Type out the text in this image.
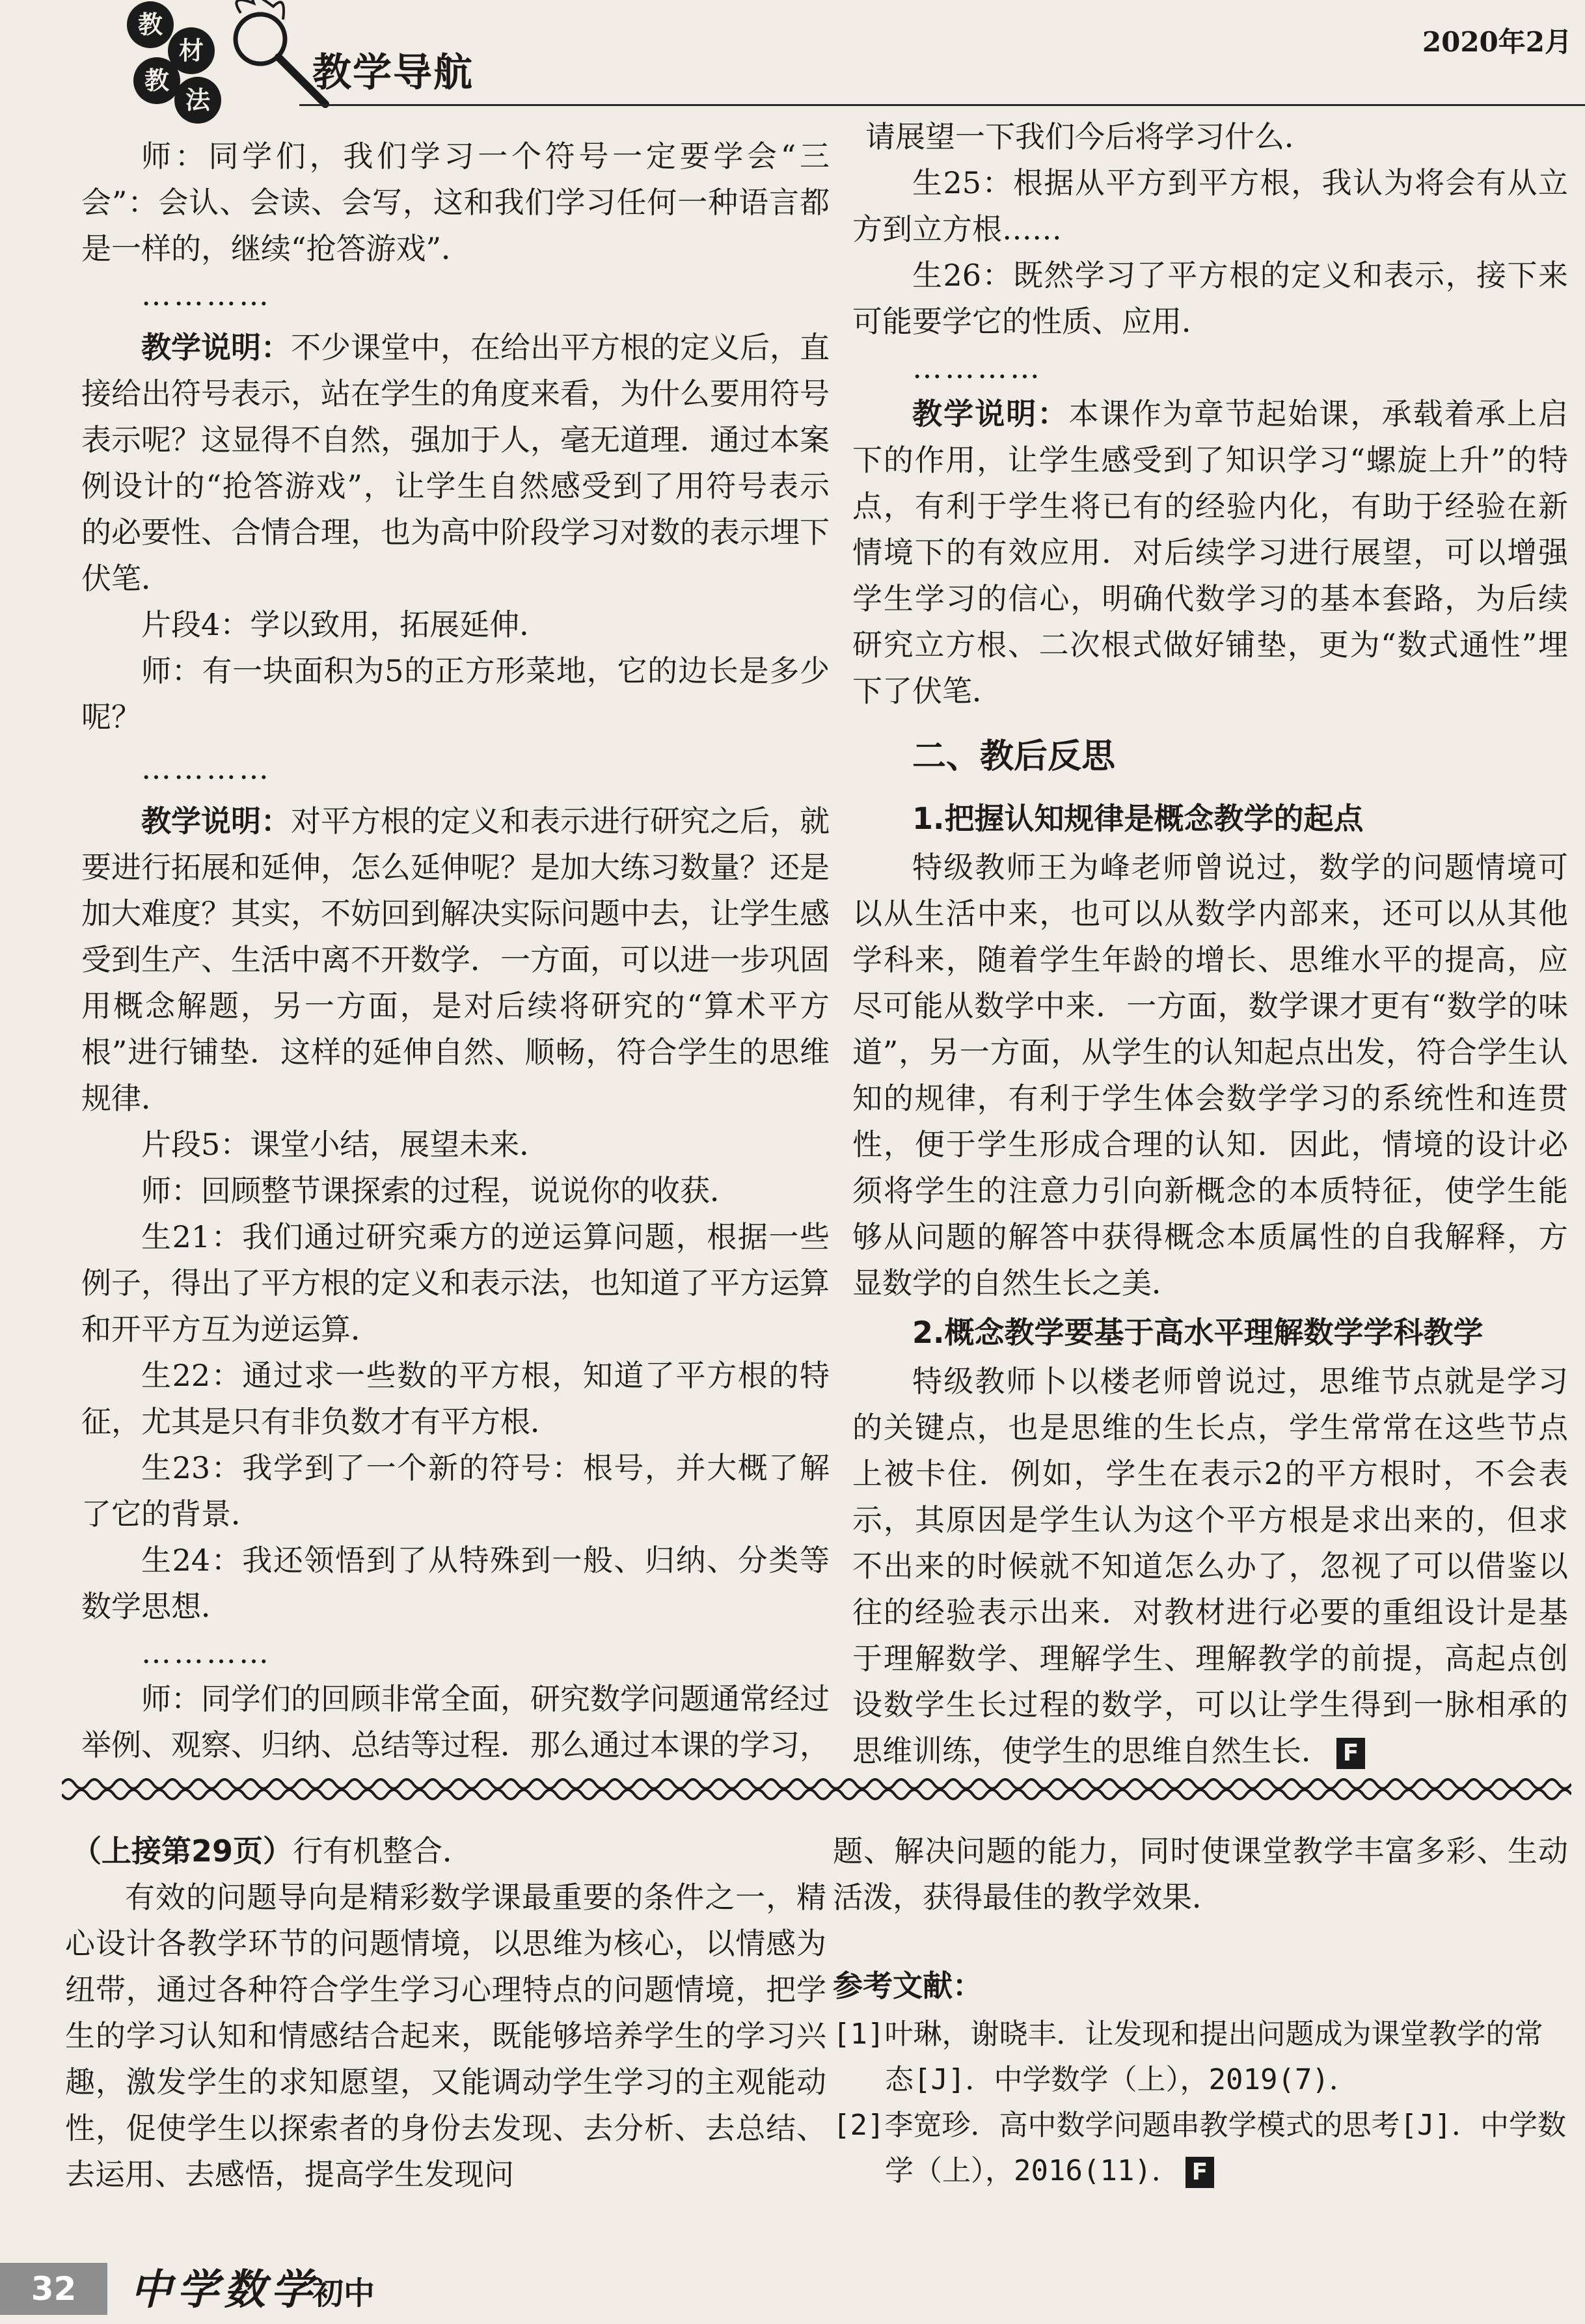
教
材
教
法
教学导航
2020年2月

师：同学们，我们学习一个符号一定要学会“三会”：会认、会读、会写，这和我们学习任何一种语言都是一样的，继续“抢答游戏”．

…………

教学说明：不少课堂中，在给出平方根的定义后，直接给出符号表示，站在学生的角度来看，为什么要用符号表示呢？这显得不自然，强加于人，毫无道理．通过本案例设计的“抢答游戏”，让学生自然感受到了用符号表示的必要性、合情合理，也为高中阶段学习对数的表示埋下伏笔．

片段4：学以致用，拓展延伸．

师：有一块面积为5的正方形菜地，它的边长是多少呢？

…………

教学说明：对平方根的定义和表示进行研究之后，就要进行拓展和延伸，怎么延伸呢？是加大练习数量？还是加大难度？其实，不妨回到解决实际问题中去，让学生感受到生产、生活中离不开数学．一方面，可以进一步巩固用概念解题，另一方面，是对后续将研究的“算术平方根”进行铺垫．这样的延伸自然、顺畅，符合学生的思维规律．

片段5：课堂小结，展望未来．

师：回顾整节课探索的过程，说说你的收获．

生21：我们通过研究乘方的逆运算问题，根据一些例子，得出了平方根的定义和表示法，也知道了平方运算和开平方互为逆运算．

生22：通过求一些数的平方根，知道了平方根的特征，尤其是只有非负数才有平方根．

生23：我学到了一个新的符号：根号，并大概了解了它的背景．

生24：我还领悟到了从特殊到一般、归纳、分类等数学思想．

…………

师：同学们的回顾非常全面，研究数学问题通常经过举例、观察、归纳、总结等过程．那么通过本课的学习，

请展望一下我们今后将学习什么．

生25：根据从平方到平方根，我认为将会有从立方到立方根……

生26：既然学习了平方根的定义和表示，接下来可能要学它的性质、应用．

…………

教学说明：本课作为章节起始课，承载着承上启下的作用，让学生感受到了知识学习“螺旋上升”的特点，有利于学生将已有的经验内化，有助于经验在新情境下的有效应用．对后续学习进行展望，可以增强学生学习的信心，明确代数学习的基本套路，为后续研究立方根、二次根式做好铺垫，更为“数式通性”埋下了伏笔．

二、教后反思
1.把握认知规律是概念教学的起点

特级教师王为峰老师曾说过，数学的问题情境可以从生活中来，也可以从数学内部来，还可以从其他学科来，随着学生年龄的增长、思维水平的提高，应尽可能从数学中来．一方面，数学课才更有“数学的味道”，另一方面，从学生的认知起点出发，符合学生认知的规律，有利于学生体会数学学习的系统性和连贯性，便于学生形成合理的认知．因此，情境的设计必须将学生的注意力引向新概念的本质特征，使学生能够从问题的解答中获得概念本质属性的自我解释，方显数学的自然生长之美．

2.概念教学要基于高水平理解数学学科教学

特级教师卜以楼老师曾说过，思维节点就是学习的关键点，也是思维的生长点，学生常常在这些节点上被卡住．例如，学生在表示2的平方根时，不会表示，其原因是学生认为这个平方根是求出来的，但求不出来的时候就不知道怎么办了，忽视了可以借鉴以往的经验表示出来．对教材进行必要的重组设计是基于理解数学、理解学生、理解教学的前提，高起点创设数学生长过程的数学，可以让学生得到一脉相承的思维训练，使学生的思维自然生长． F

（上接第29页）行有机整合．

有效的问题导向是精彩数学课最重要的条件之一，精心设计各教学环节的问题情境，以思维为核心，以情感为纽带，通过各种符合学生学习心理特点的问题情境，把学生的学习认知和情感结合起来，既能够培养学生的学习兴趣，激发学生的求知愿望，又能调动学生学习的主观能动性，促使学生以探索者的身份去发现、去分析、去总结、去运用、去感悟，提高学生发现问

题、解决问题的能力，同时使课堂教学丰富多彩、生动活泼，获得最佳的教学效果．

参考文献：

[1]叶琳，谢晓丰．让发现和提出问题成为课堂教学的常态[J]．中学数学（上），2019(7)．

[2]李宽珍．高中数学问题串教学模式的思考[J]．中学数学（上），2016(11)． F

32	中学数学
初中
